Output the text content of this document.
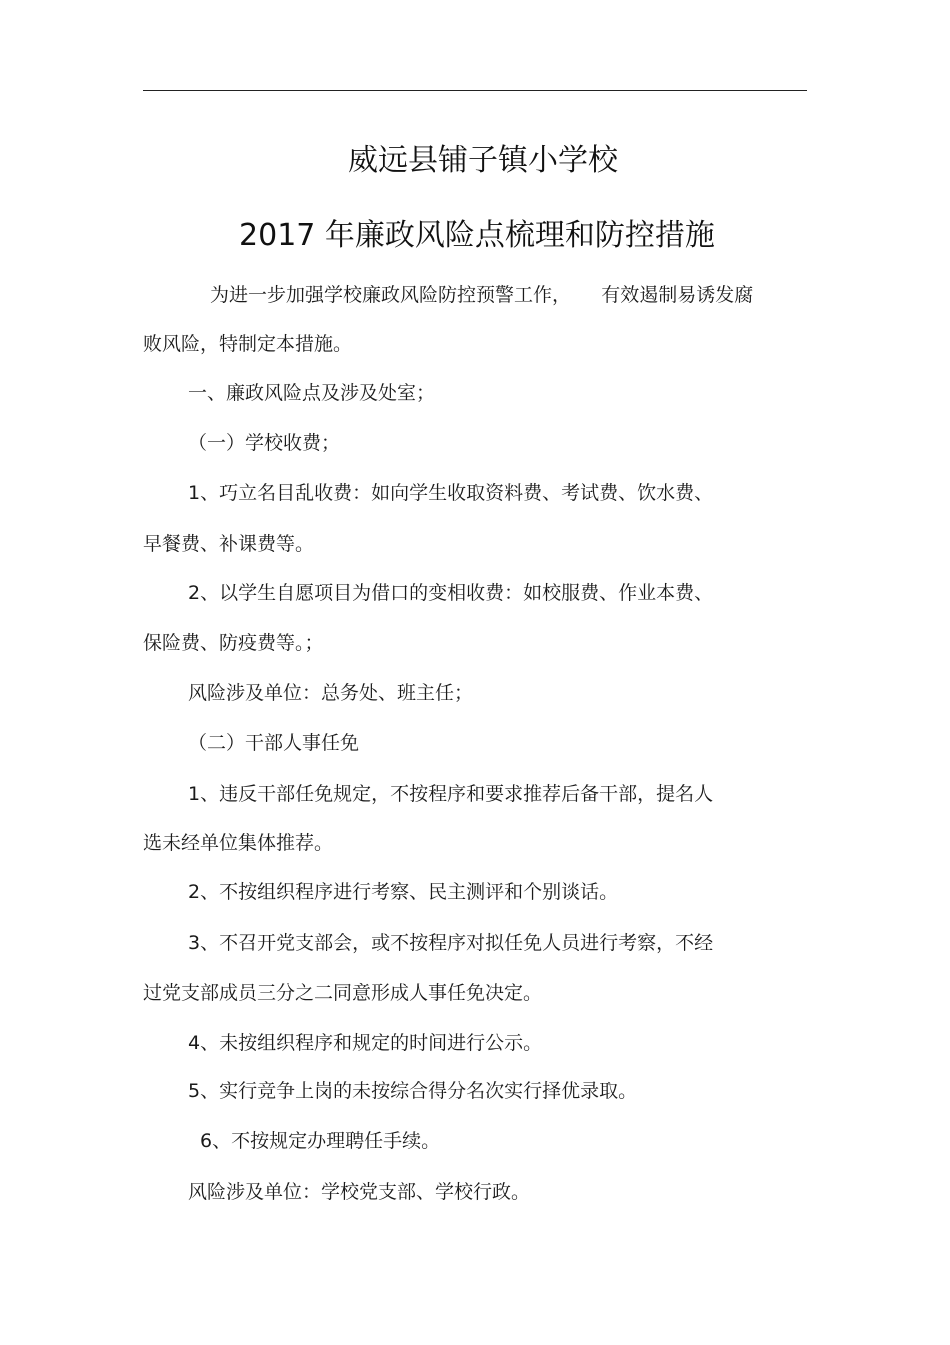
威远县铺子镇小学校
2017 年廉政风险点梳理和防控措施
为进一步加强学校廉政风险防控预警工作，     有效遏制易诱发腐
败风险，特制定本措施。
一、廉政风险点及涉及处室；
（一）学校收费；
1、巧立名目乱收费：如向学生收取资料费、考试费、饮水费、
早餐费、补课费等。
2、以学生自愿项目为借口的变相收费：如校服费、作业本费、
保险费、防疫费等。；
风险涉及单位：总务处、班主任；
（二）干部人事任免
1、违反干部任免规定，不按程序和要求推荐后备干部，提名人
选未经单位集体推荐。
2、不按组织程序进行考察、民主测评和个别谈话。
3、不召开党支部会，或不按程序对拟任免人员进行考察，不经
过党支部成员三分之二同意形成人事任免决定。
4、未按组织程序和规定的时间进行公示。
5、实行竞争上岗的未按综合得分名次实行择优录取。
6、不按规定办理聘任手续。
风险涉及单位：学校党支部、学校行政。
